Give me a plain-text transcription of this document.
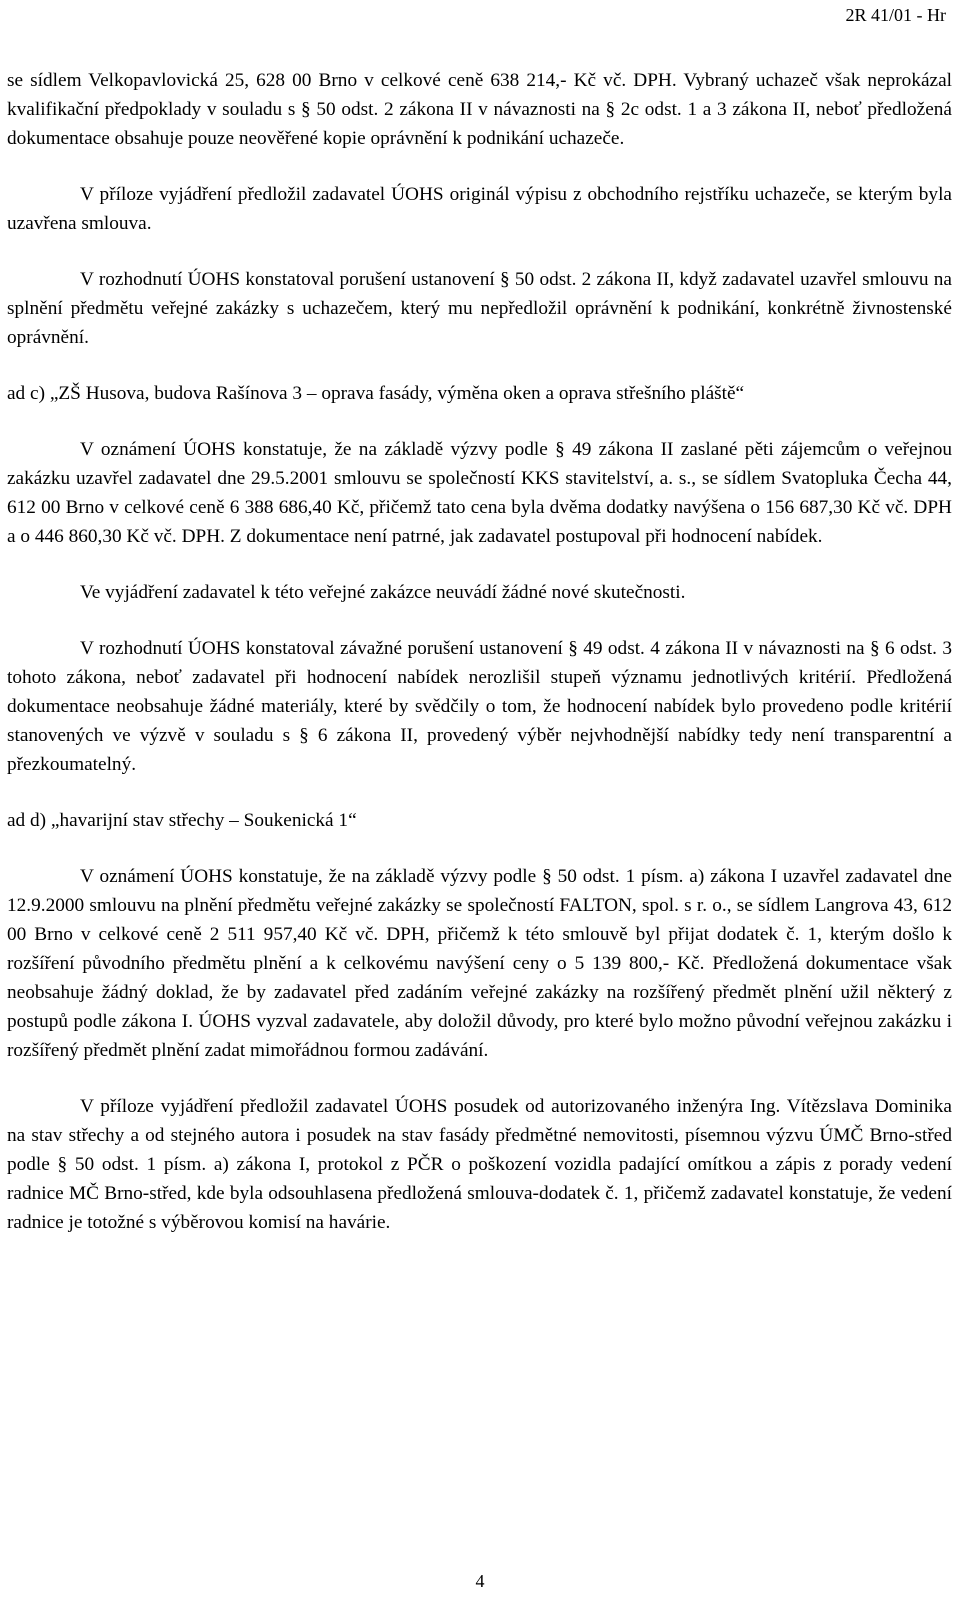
2R 41/01 - Hr

se sídlem Velkopavlovická 25, 628 00 Brno v celkové ceně 638 214,- Kč vč. DPH. Vybraný uchazeč však neprokázal kvalifikační předpoklady v souladu s § 50 odst. 2 zákona II v návaznosti na § 2c odst. 1 a 3 zákona II, neboť předložená dokumentace obsahuje pouze neověřené kopie oprávnění k podnikání uchazeče.

V příloze vyjádření předložil zadavatel ÚOHS originál výpisu z obchodního rejstříku uchazeče, se kterým byla uzavřena smlouva.

V rozhodnutí ÚOHS konstatoval porušení ustanovení § 50 odst. 2 zákona II, když zadavatel uzavřel smlouvu na splnění předmětu veřejné zakázky s uchazečem, který mu nepředložil oprávnění k podnikání, konkrétně živnostenské oprávnění.

ad c) „ZŠ Husova, budova Rašínova 3 – oprava fasády, výměna oken a oprava střešního pláště“

V oznámení ÚOHS konstatuje, že na základě výzvy podle § 49 zákona II zaslané pěti zájemcům o veřejnou zakázku uzavřel zadavatel dne 29.5.2001 smlouvu se společností KKS stavitelství, a. s., se sídlem Svatopluka Čecha 44, 612 00 Brno v celkové ceně 6 388 686,40 Kč, přičemž tato cena byla dvěma dodatky navýšena o 156 687,30 Kč vč. DPH a o 446 860,30 Kč vč. DPH. Z dokumentace není patrné, jak zadavatel postupoval při hodnocení nabídek.

Ve vyjádření zadavatel k této veřejné zakázce neuvádí žádné nové skutečnosti.

V rozhodnutí ÚOHS konstatoval závažné porušení ustanovení § 49 odst. 4 zákona II v návaznosti na § 6 odst. 3 tohoto zákona, neboť zadavatel při hodnocení nabídek nerozlišil stupeň významu jednotlivých kritérií. Předložená dokumentace neobsahuje žádné materiály, které by svědčily o tom, že hodnocení nabídek bylo provedeno podle kritérií stanovených ve výzvě v souladu s § 6 zákona II, provedený výběr nejvhodnější nabídky tedy není transparentní a přezkoumatelný.

ad d) „havarijní stav střechy – Soukenická 1“

V oznámení ÚOHS konstatuje, že na základě výzvy podle § 50 odst. 1 písm. a) zákona I uzavřel zadavatel dne 12.9.2000 smlouvu na plnění předmětu veřejné zakázky se společností FALTON, spol. s r. o., se sídlem Langrova 43, 612 00 Brno v celkové ceně 2 511 957,40 Kč vč. DPH, přičemž k této smlouvě byl přijat dodatek č. 1, kterým došlo k rozšíření původního předmětu plnění a k celkovému navýšení ceny o 5 139 800,- Kč. Předložená dokumentace však neobsahuje žádný doklad, že by zadavatel před zadáním veřejné zakázky na rozšířený předmět plnění užil některý z postupů podle zákona I. ÚOHS vyzval zadavatele, aby doložil důvody, pro které bylo možno původní veřejnou zakázku i rozšířený předmět plnění zadat mimořádnou formou zadávání.

V příloze vyjádření předložil zadavatel ÚOHS posudek od autorizovaného inženýra Ing. Vítězslava Dominika na stav střechy a od stejného autora i posudek na stav fasády předmětné nemovitosti, písemnou výzvu ÚMČ Brno-střed podle § 50 odst. 1 písm. a) zákona I, protokol z PČR o poškození vozidla padající omítkou a zápis z porady vedení radnice MČ Brno-střed, kde byla odsouhlasena předložená smlouva-dodatek č. 1, přičemž zadavatel konstatuje, že vedení radnice je totožné s výběrovou komisí na havárie.

4
